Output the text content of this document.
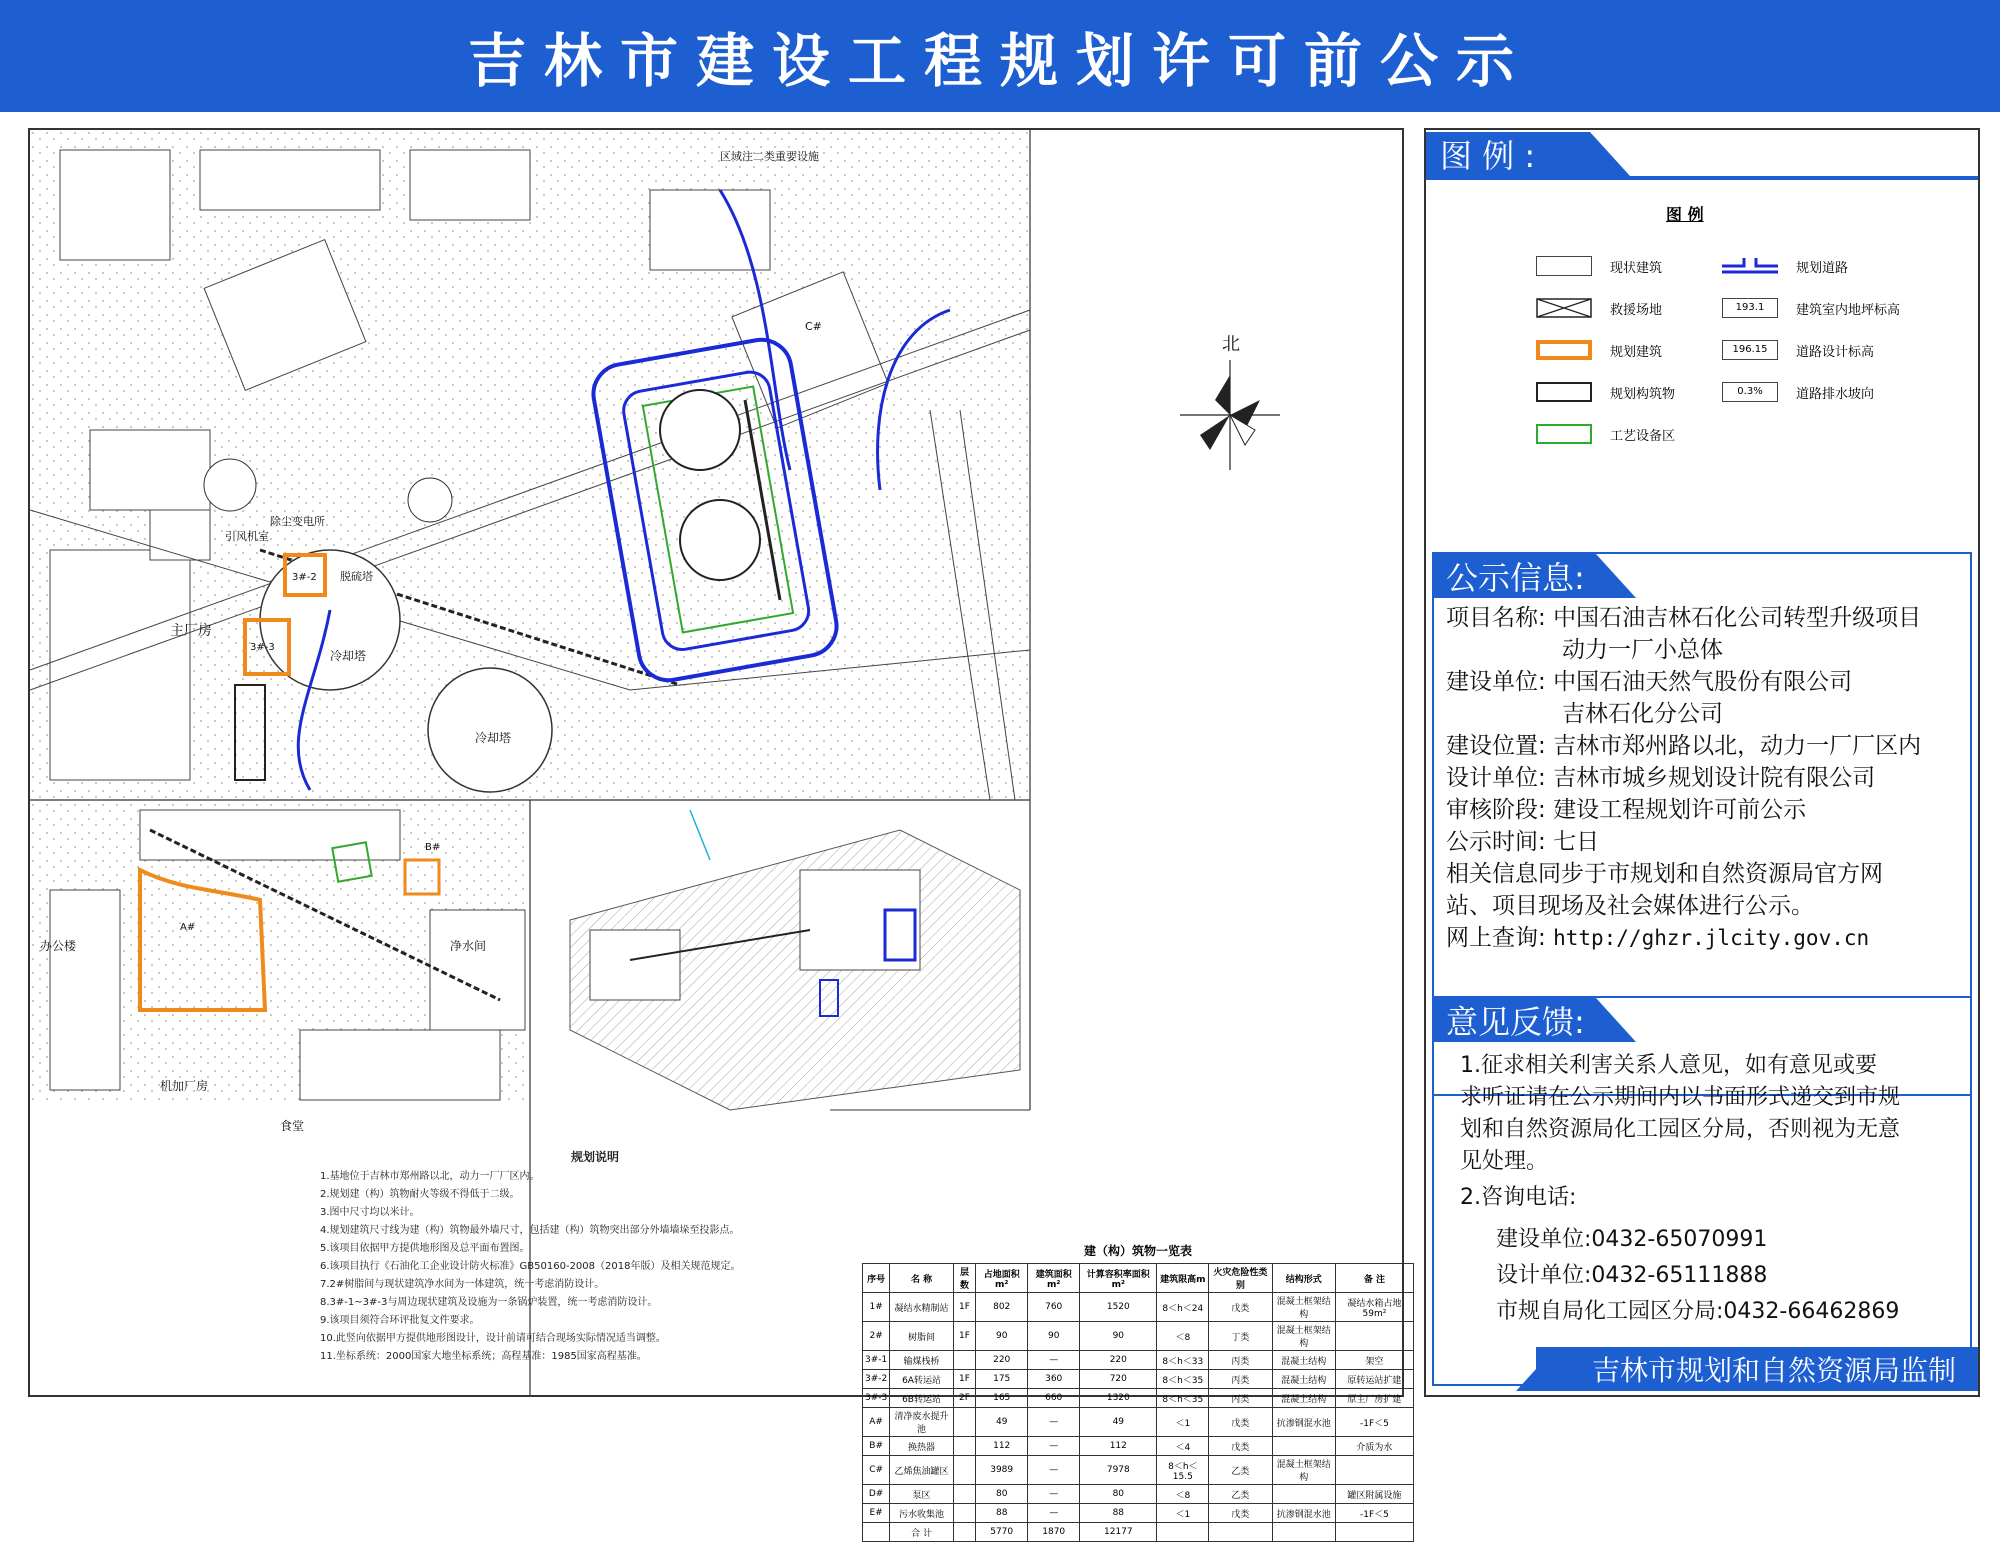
吉林市建设工程规划许可前公示
主厂房
冷却塔
冷却塔
区域注二类重要设施
引风机室
除尘变电所
脱硫塔
3#-2
3#-3
C#
北
办公楼	净水间
机加厂房
食堂
B#
A#
规划说明
1.基地位于吉林市郑州路以北，动力一厂厂区内。
2.规划建（构）筑物耐火等级不得低于二级。
3.图中尺寸均以米计。
4.规划建筑尺寸线为建（构）筑物最外墙尺寸，包括建（构）筑物突出部分外墙墙垛至投影点。
5.该项目依据甲方提供地形图及总平面布置图。
6.该项目执行《石油化工企业设计防火标准》GB50160-2008（2018年版）及相关规范规定。
7.2#树脂间与现状建筑净水间为一体建筑，统一考虑消防设计。
8.3#-1~3#-3与周边现状建筑及设施为一条锅炉装置，统一考虑消防设计。
9.该项目须符合环评批复文件要求。
10.此竖向依据甲方提供地形图设计，设计前请可结合现场实际情况适当调整。
11.坐标系统：2000国家大地坐标系统；高程基准：1985国家高程基准。
建（构）筑物一览表
序号	名 称	层数	占地面积m²	建筑面积m²	计算容积率面积m²	建筑限高m	火灾危险性类别	结构形式	备 注
1#	凝结水精制站	1F	802	760	1520	8＜h＜24	戊类	混凝土框架结构	凝结水箱占地59m²
2#	树脂间	1F	90	90	90	＜8	丁类	混凝土框架结构	
3#-1	输煤栈桥		220	—	220	8＜h＜33	丙类	混凝土结构	架空
3#-2	6A转运站	1F	175	360	720	8＜h＜35	丙类	混凝土结构	原转运站扩建
3#-3	6B转运站	2F	165	660	1320	8＜h＜35	丙类	混凝土结构	原主厂房扩建
A#	清净废水提升池		49	—	49	＜1	戊类	抗渗钢混水池	-1F＜5
B#	换热器		112	—	112	＜4	戊类		介质为水
C#	乙烯焦油罐区		3989	—	7978	8＜h＜15.5	乙类	混凝土框架结构	
D#	泵区		80	—	80	＜8	乙类		罐区附属设施
E#	污水收集池		88	—	88	＜1	戊类	抗渗钢混水池	-1F＜5
	合 计		5770	1870	12177				
图 例 :
图 例
现状建筑	规划道路
救援场地	193.1	建筑室内地坪标高
规划建筑	196.15	道路设计标高
规划构筑物	0.3%	道路排水坡向
工艺设备区
公示信息:
项目名称: 中国石油吉林石化公司转型升级项目
动力一厂小总体
建设单位: 中国石油天然气股份有限公司
吉林石化分公司
建设位置: 吉林市郑州路以北，动力一厂厂区内
设计单位: 吉林市城乡规划设计院有限公司
审核阶段: 建设工程规划许可前公示
公示时间: 七日
相关信息同步于市规划和自然资源局官方网
站、项目现场及社会媒体进行公示。
网上查询: http://ghzr.jlcity.gov.cn
意见反馈:
1.征求相关利害关系人意见，如有意见或要
求听证请在公示期间内以书面形式递交到市规
划和自然资源局化工园区分局，否则视为无意
见处理。
2.咨询电话:
建设单位:0432-65070991
设计单位:0432-65111888
市规自局化工园区分局:0432-66462869
吉林市规划和自然资源局监制
